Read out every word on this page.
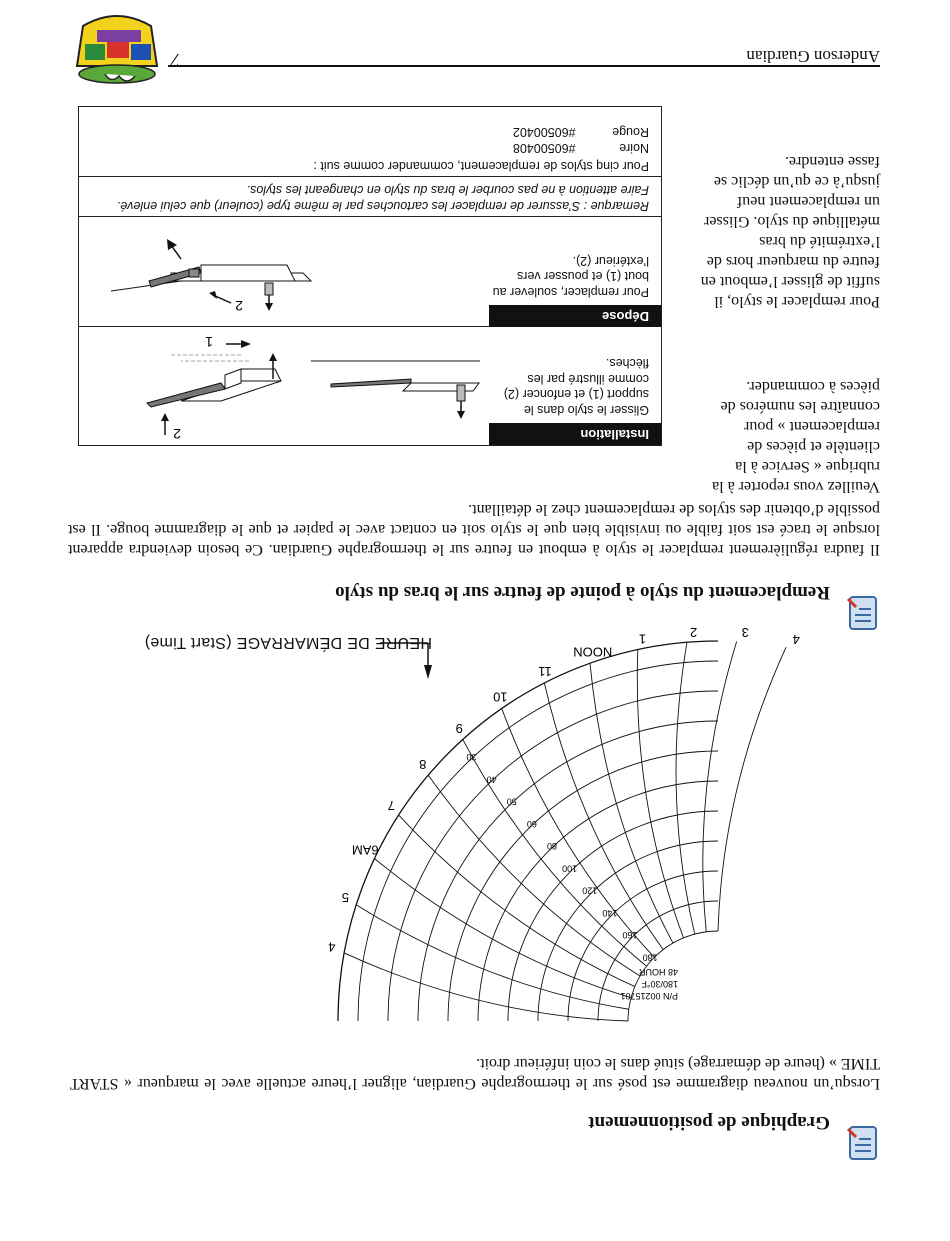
Anderson Guardian
7
Graphique de positionnement
Lorsqu’un nouveau diagramme est posé sur le thermographe Guardian, aligner l’heure actuelle avec le marqueur « START TIME » (heure de démarrage) situé dans le coin inférieur droit.
P/N 00215701
180/30°F
48 HOUR
4
5
6AM
7
8
9
10
11
NOON
1	2	3	4
180
160
140
120
100
80
60
50
40
30
HEURE DE DÉMARRAGE (Start Time)
Remplacement du stylo à pointe de feutre sur le bras du stylo
Il faudra régulièrement remplacer le stylo à embout en feutre sur le thermographe Guardian. Ce besoin deviendra apparent lorsque le tracé est soit faible ou invisible bien que le stylo soit en contact avec le papier et que le diagramme bouge. Il est possible d’obtenir des stylos de remplacement chez le détaillant.
Veuillez vous reporter à la rubrique « Service à la clientèle et pièces de remplacement » pour connaître les numéros de pièces à commander.
Pour remplacer le stylo, il suffit de glisser l’embout en feutre du marqueur hors de l’extrémité du bras métallique du stylo. Glisser un remplacement neuf jusqu’à ce qu’un déclic se fasse entendre.
Installation
Glisser le stylo dans le support (1) et enfoncer (2) comme illustré par les flèches.
1
2
Dépose
Pour remplacer, soulever au bout (1) et pousser vers l’extérieur (2).
2
Remarque : S’assurer de remplacer les cartouches par le même type (couleur) que celui enlevé. Faire attention à ne pas courber le bras du stylo en changeant les stylos.
Pour cinq stylos de remplacement, commander comme suit :
Noire #60500408
Rouge #60500402
